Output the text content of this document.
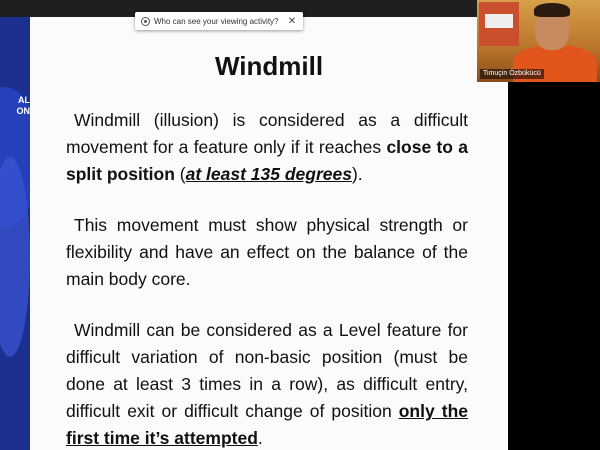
Windmill
Windmill (illusion) is considered as a difficult movement for a feature only if it reaches close to a split position (at least 135 degrees).
This movement must show physical strength or flexibility and have an effect on the balance of the main body core.
Windmill can be considered as a Level feature for difficult variation of non-basic position (must be done at least 3 times in a row), as difficult entry, difficult exit or difficult change of position only the first time it’s attempted.
AL
ON
Who can see your viewing activity? ✕
Timuçin Özbükücü
